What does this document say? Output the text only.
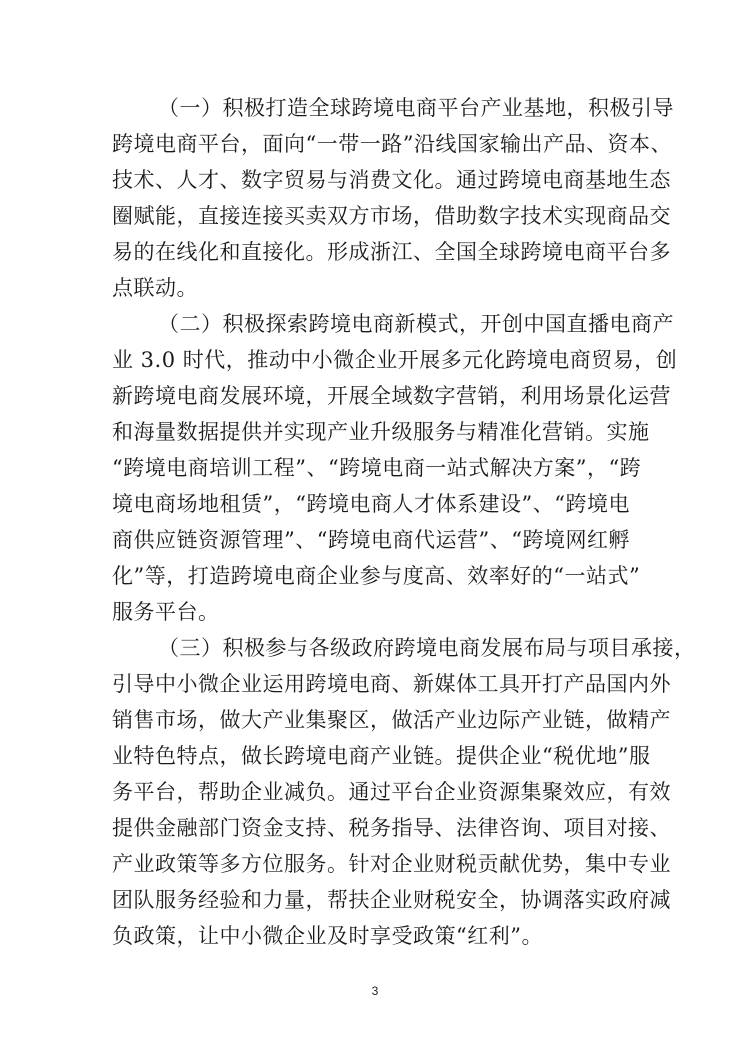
（一）积极打造全球跨境电商平台产业基地，积极引导
跨境电商平台，面向“一带一路”沿线国家输出产品、资本、
技术、人才、数字贸易与消费文化。通过跨境电商基地生态
圈赋能，直接连接买卖双方市场，借助数字技术实现商品交
易的在线化和直接化。形成浙江、全国全球跨境电商平台多
点联动。
（二）积极探索跨境电商新模式，开创中国直播电商产
业 3.0 时代，推动中小微企业开展多元化跨境电商贸易，创
新跨境电商发展环境，开展全域数字营销，利用场景化运营
和海量数据提供并实现产业升级服务与精准化营销。实施
“跨境电商培训工程”、“跨境电商一站式解决方案”，“跨
境电商场地租赁”，“跨境电商人才体系建设”、“跨境电
商供应链资源管理”、“跨境电商代运营”、“跨境网红孵
化”等，打造跨境电商企业参与度高、效率好的“一站式”
服务平台。
（三）积极参与各级政府跨境电商发展布局与项目承接，
引导中小微企业运用跨境电商、新媒体工具开打产品国内外
销售市场，做大产业集聚区，做活产业边际产业链，做精产
业特色特点，做长跨境电商产业链。提供企业“税优地”服
务平台，帮助企业减负。通过平台企业资源集聚效应，有效
提供金融部门资金支持、税务指导、法律咨询、项目对接、
产业政策等多方位服务。针对企业财税贡献优势，集中专业
团队服务经验和力量，帮扶企业财税安全，协调落实政府减
负政策，让中小微企业及时享受政策“红利”。
3
